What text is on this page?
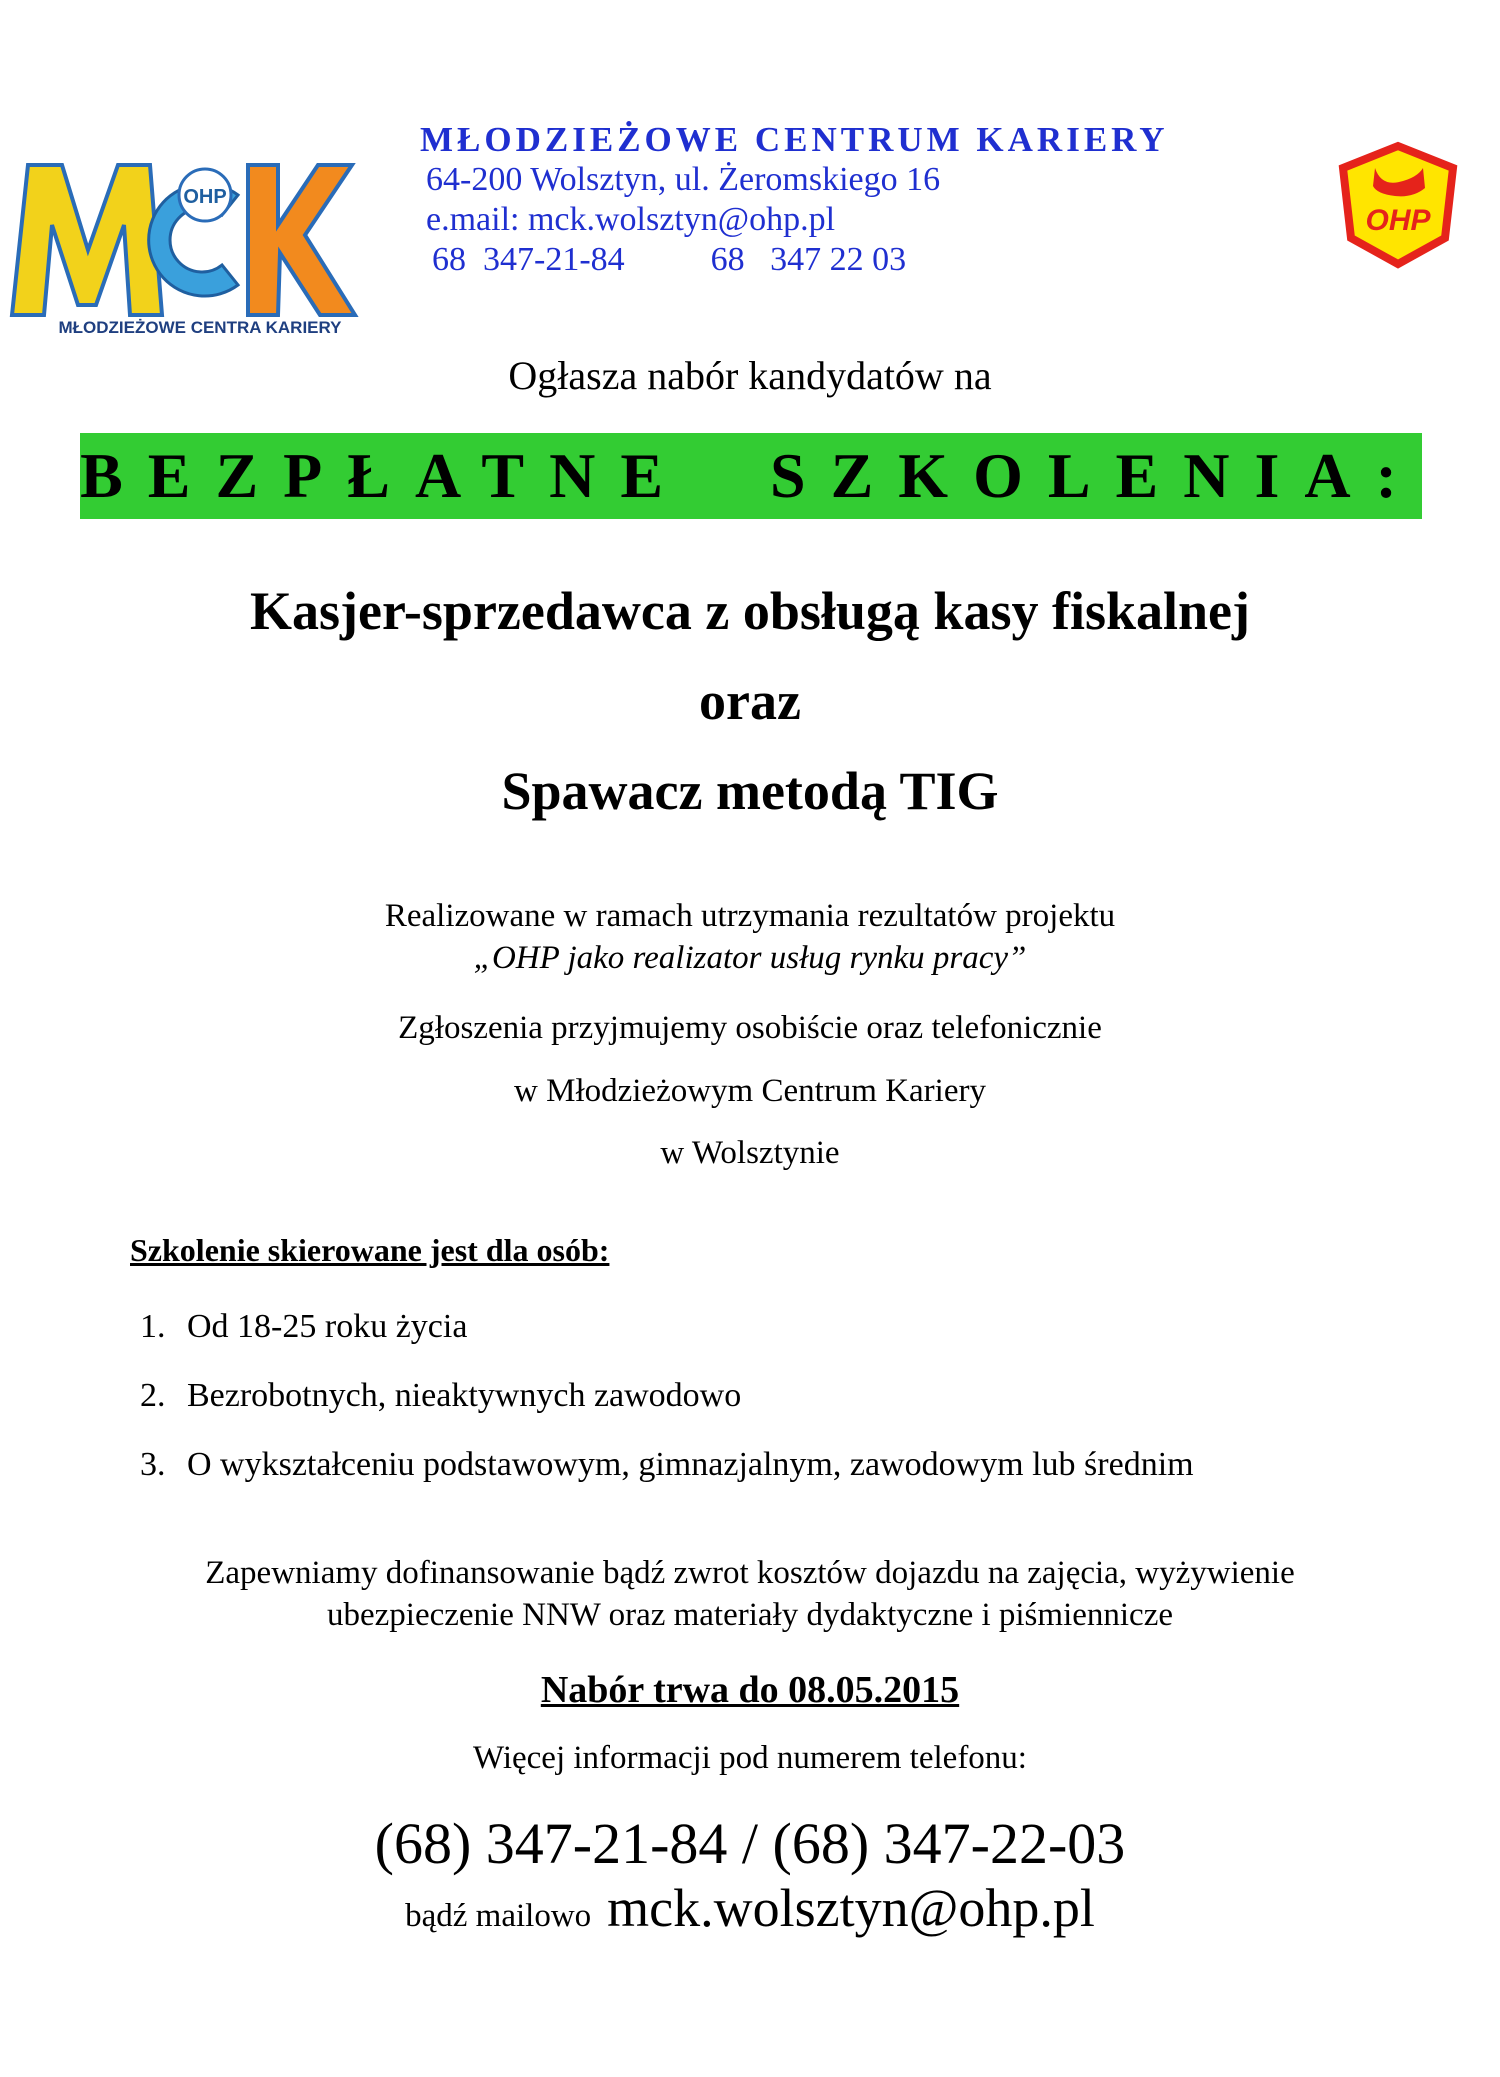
OHP
MŁODZIEŻOWE CENTRA KARIERY
MŁODZIEŻOWE CENTRUM KARIERY
64-200 Wolsztyn, ul. Żeromskiego 16
e.mail: mck.wolsztyn@ohp.pl
68  347-21-84	68   347 22 03
OHP
Ogłasza nabór kandydatów na
BEZPŁATNE  SZKOLENIA:
Kasjer-sprzedawca z obsługą kasy fiskalnej
oraz
Spawacz metodą TIG
Realizowane w ramach utrzymania rezultatów projektu
„OHP jako realizator usług rynku pracy”
Zgłoszenia przyjmujemy osobiście oraz telefonicznie
w Młodzieżowym Centrum Kariery
w Wolsztynie
Szkolenie skierowane jest dla osób:
1. Od 18-25 roku życia
2. Bezrobotnych, nieaktywnych zawodowo
3. O wykształceniu podstawowym, gimnazjalnym, zawodowym lub średnim
Zapewniamy dofinansowanie bądź zwrot kosztów dojazdu na zajęcia, wyżywienie
ubezpieczenie NNW oraz materiały dydaktyczne i piśmiennicze
Nabór trwa do 08.05.2015
Więcej informacji pod numerem telefonu:
(68) 347-21-84 / (68) 347-22-03
bądź mailowo mck.wolsztyn@ohp.pl
